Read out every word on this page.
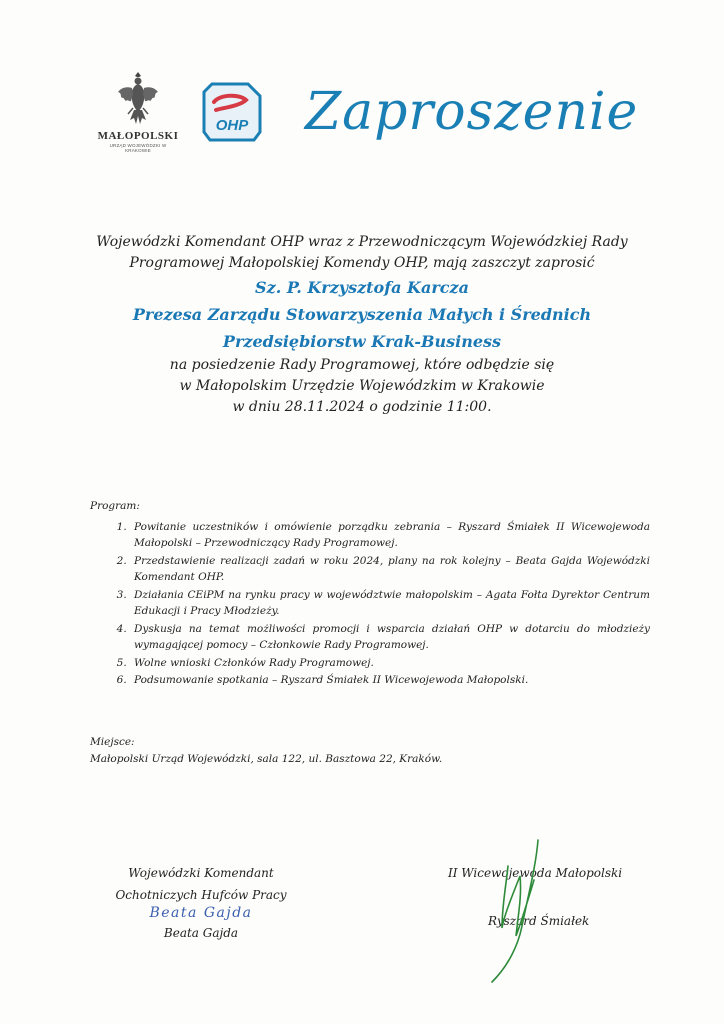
MAŁOPOLSKI
URZĄD WOJEWÓDZKI W KRAKOWIE
OHP Zaproszenie

Wojewódzki Komendant OHP wraz z Przewodniczącym Wojewódzkiej Rady

Programowej Małopolskiej Komendy OHP, mają zaszczyt zaprosić

Sz. P. Krzysztofa Karcza

Prezesa Zarządu Stowarzyszenia Małych i Średnich

Przedsiębiorstw Krak-Business

na posiedzenie Rady Programowej, które odbędzie się

w Małopolskim Urzędzie Wojewódzkim w Krakowie

w dniu 28.11.2024 o godzinie 11:00.

Program:

1. Powitanie uczestników i omówienie porządku zebrania – Ryszard Śmiałek II Wicewojewoda Małopolski – Przewodniczący Rady Programowej.
2. Przedstawienie realizacji zadań w roku 2024, plany na rok kolejny – Beata Gajda Wojewódzki Komendant OHP.
3. Działania CEiPM na rynku pracy w województwie małopolskim – Agata Fołta Dyrektor Centrum Edukacji i Pracy Młodzieży.
4. Dyskusja na temat możliwości promocji i wsparcia działań OHP w dotarciu do młodzieży wymagającej pomocy – Członkowie Rady Programowej.
5. Wolne wnioski Członków Rady Programowej.
6. Podsumowanie spotkania – Ryszard Śmiałek II Wicewojewoda Małopolski.

Miejsce:

Małopolski Urząd Wojewódzki, sala 122, ul. Basztowa 22, Kraków.

Wojewódzki Komendant

Ochotniczych Hufców Pracy

Beata Gajda

Beata Gajda

II Wicewojewoda Małopolski
Ryszard Śmiałek
